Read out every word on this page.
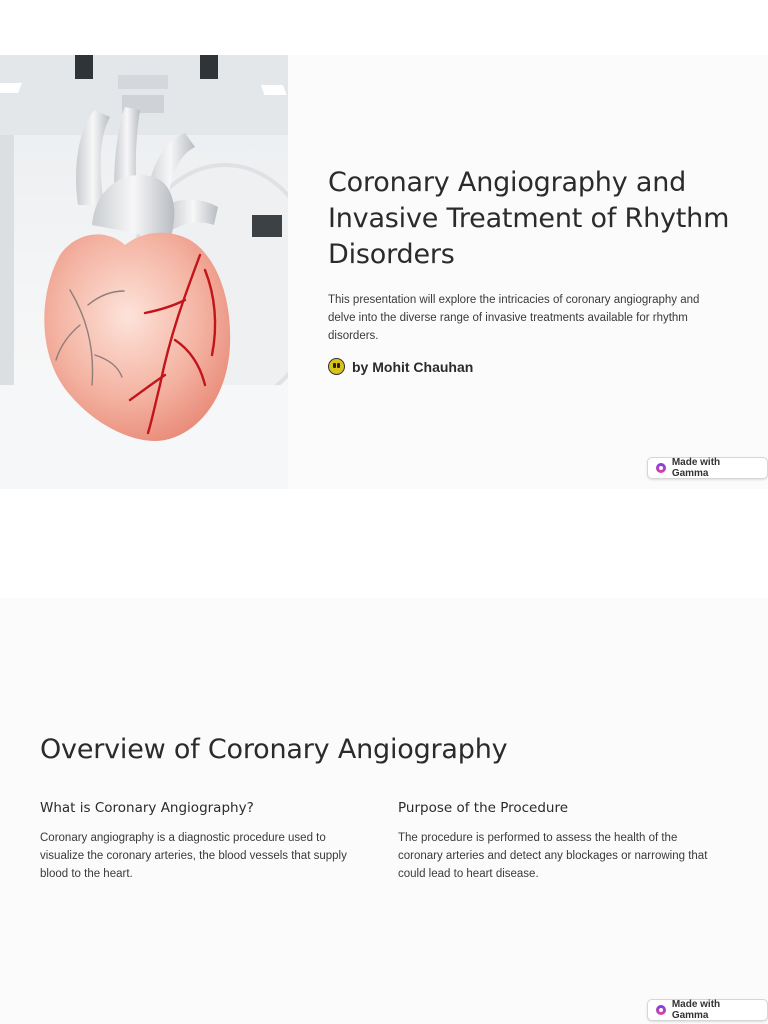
Coronary Angiography and Invasive Treatment of Rhythm Disorders

This presentation will explore the intricacies of coronary angiography and delve into the diverse range of invasive treatments available for rhythm disorders.

by Mohit Chauhan
Made with Gamma
Overview of Coronary Angiography
What is Coronary Angiography?

Coronary angiography is a diagnostic procedure used to visualize the coronary arteries, the blood vessels that supply blood to the heart.

Purpose of the Procedure

The procedure is performed to assess the health of the coronary arteries and detect any blockages or narrowing that could lead to heart disease.

Made with Gamma
